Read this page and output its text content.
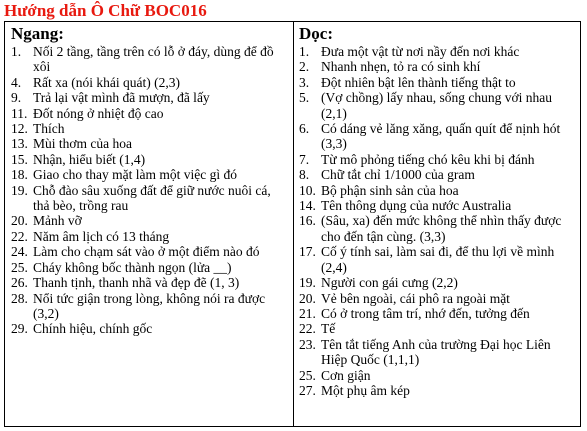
Hướng dẫn Ô Chữ BOC016
Ngang:
1. Nối 2 tầng, tầng trên có lỗ ở đáy, dùng để đồ xôi
4. Rất xa (nói khái quát) (2,3)
9. Trả lại vật mình đã mượn, đã lấy
11. Đốt nóng ở nhiệt độ cao
12. Thích
13. Mùi thơm của hoa
15. Nhận, hiểu biết (1,4)
18. Giao cho thay mặt làm một việc gì đó
19. Chỗ đào sâu xuống đất để giữ nước nuôi cá, thả bèo, trồng rau
20. Mảnh vỡ
22. Năm âm lịch có 13 tháng
24. Làm cho chạm sát vào ở một điểm nào đó
25. Cháy không bốc thành ngọn (lửa __)
26. Thanh tịnh, thanh nhã và đẹp đẽ (1, 3)
28. Nổi tức giận trong lòng, không nói ra được (3,2)
29. Chính hiệu, chính gốc
Dọc:
1. Đưa một vật từ nơi nầy đến nơi khác
2. Nhanh nhẹn, tỏ ra có sinh khí
3. Đột nhiên bật lên thành tiếng thật to
5. (Vợ chồng) lấy nhau, sống chung với nhau (2,1)
6. Có dáng vẻ lăng xăng, quấn quít để nịnh hót (3,3)
7. Từ mô phỏng tiếng chó kêu khi bị đánh
8. Chữ tắt chỉ 1/1000 của gram
10. Bộ phận sinh sản của hoa
14. Tên thông dụng của nước Australia
16. (Sâu, xa) đến mức không thể nhìn thấy được cho đến tận cùng. (3,3)
17. Cố ý tính sai, làm sai đi, để thu lợi về mình (2,4)
19. Người con gái cưng (2,2)
20. Vẻ bên ngoài, cái phô ra ngoài mặt
21. Có ở trong tâm trí, nhớ đến, tưởng đến
22. Tế
23. Tên tắt tiếng Anh của trường Đại học Liên Hiệp Quốc (1,1,1)
25. Cơn giận
27. Một phụ âm kép
